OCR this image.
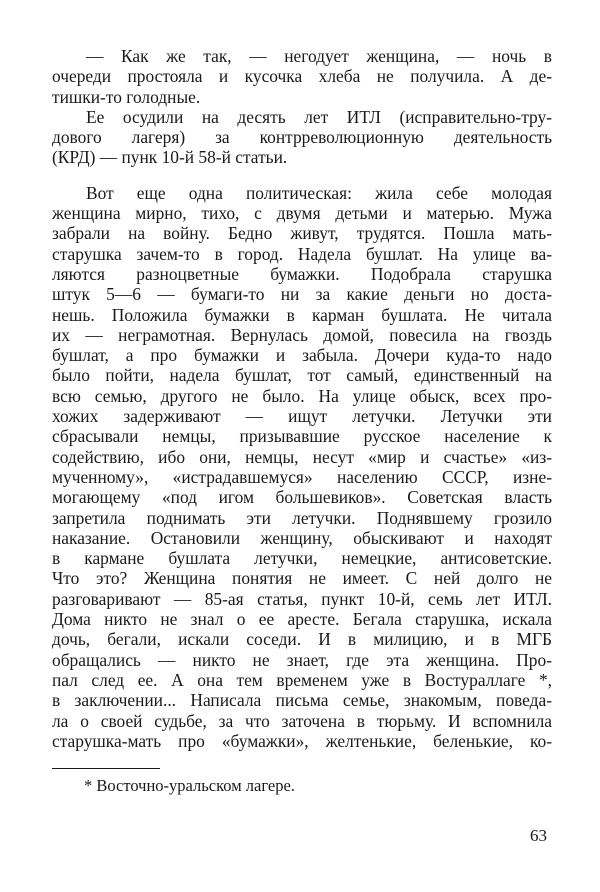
— Как же так, — негодует женщина, — ночь в
очереди простояла и кусочка хлеба не получила. А де-
тишки-то голодные.
Ее осудили на десять лет ИТЛ (исправительно-тру-
дового лагеря) за контрреволюционную деятельность
(КРД) — пунк 10-й 58-й статьи.
Вот еще одна политическая: жила себе молодая
женщина мирно, тихо, с двумя детьми и матерью. Мужа
забрали на войну. Бедно живут, трудятся. Пошла мать-
старушка зачем-то в город. Надела бушлат. На улице ва-
ляются разноцветные бумажки. Подобрала старушка
штук 5—6 — бумаги-то ни за какие деньги но доста-
нешь. Положила бумажки в карман бушлата. Не читала
их — неграмотная. Вернулась домой, повесила на гвоздь
бушлат, а про бумажки и забыла. Дочери куда-то надо
было пойти, надела бушлат, тот самый, единственный на
всю семью, другого не было. На улице обыск, всех про-
хожих задерживают — ищут летучки. Летучки эти
сбрасывали немцы, призывавшие русское население к
содействию, ибо они, немцы, несут «мир и счастье» «из-
мученному», «истрадавшемуся» населению СССР, изне-
могающему «под игом большевиков». Советская власть
запретила поднимать эти летучки. Поднявшему грозило
наказание. Остановили женщину, обыскивают и находят
в кармане бушлата летучки, немецкие, антисоветские.
Что это? Женщина понятия не имеет. С ней долго не
разговаривают — 85-ая статья, пункт 10-й, семь лет ИТЛ.
Дома никто не знал о ее аресте. Бегала старушка, искала
дочь, бегали, искали соседи. И в милицию, и в МГБ
обращались — никто не знает, где эта женщина. Про-
пал след ее. А она тем временем уже в Востураллаге *,
в заключении... Написала письма семье, знакомым, поведа-
ла о своей судьбе, за что заточена в тюрьму. И вспомнила
старушка-мать про «бумажки», желтенькие, беленькие, ко-
* Восточно-уральском лагере.
63
